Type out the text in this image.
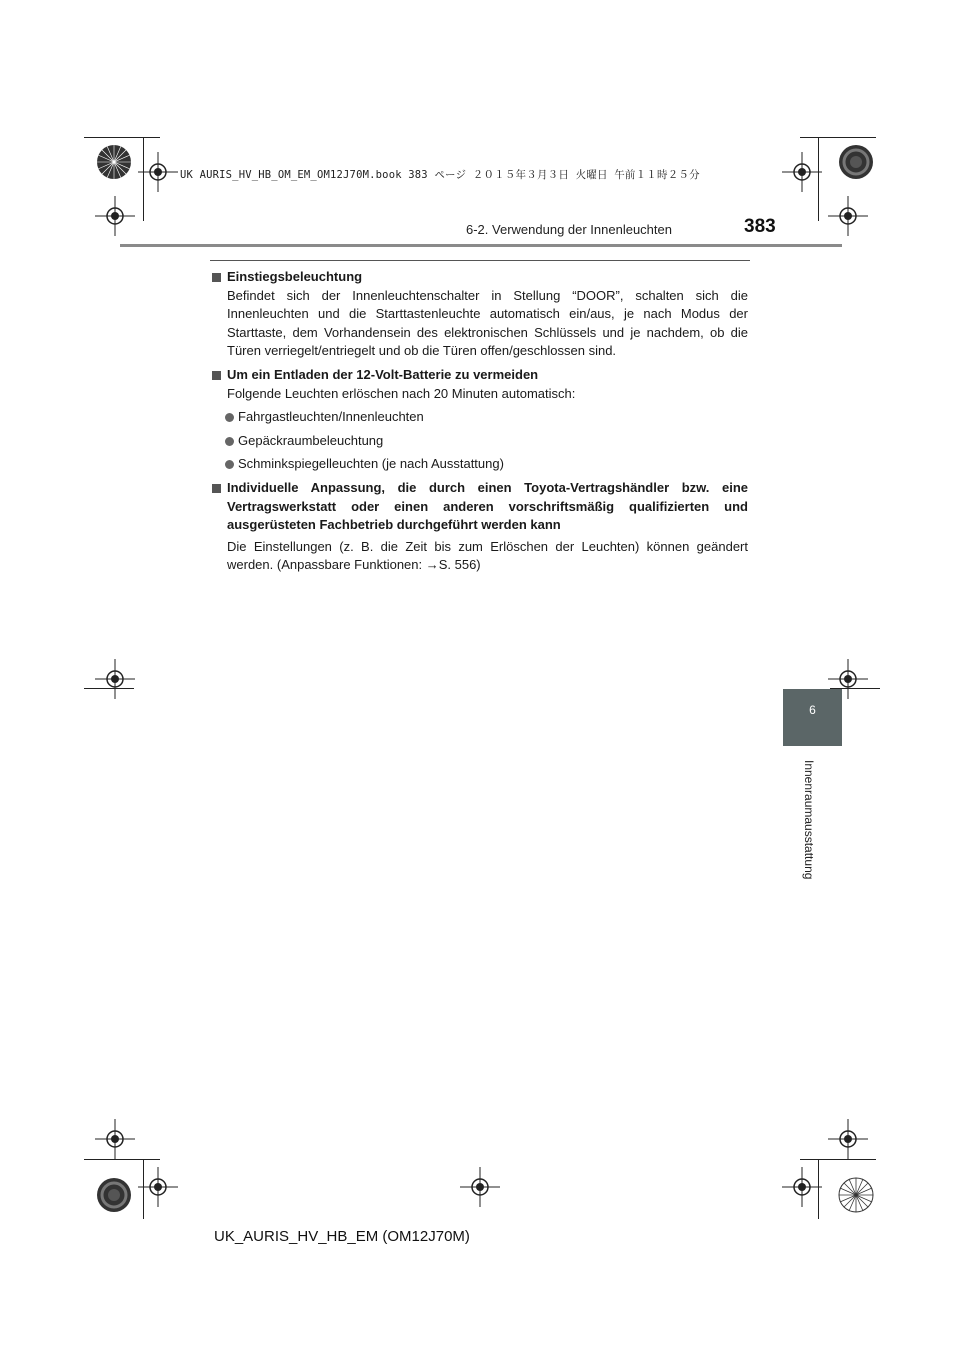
UK AURIS_HV_HB_OM_EM_OM12J70M.book 383 ページ ２０１５年３月３日 火曜日 午前１１時２５分
6-2. Verwendung der Innenleuchten	383
Einstiegsbeleuchtung
Befindet sich der Innenleuchtenschalter in Stellung “DOOR”, schalten sich die Innenleuchten und die Starttastenleuchte automatisch ein/aus, je nach Modus der Starttaste, dem Vorhandensein des elektronischen Schlüssels und je nachdem, ob die Türen verriegelt/entriegelt und ob die Türen offen/geschlossen sind.
Um ein Entladen der 12-Volt-Batterie zu vermeiden
Folgende Leuchten erlöschen nach 20 Minuten automatisch:
Fahrgastleuchten/Innenleuchten
Gepäckraumbeleuchtung
Schminkspiegelleuchten (je nach Ausstattung)
Individuelle Anpassung, die durch einen Toyota-Vertragshändler bzw. eine Vertragswerkstatt oder einen anderen vorschriftsmäßig qualifizierten und ausgerüsteten Fachbetrieb durchgeführt werden kann
Die Einstellungen (z. B. die Zeit bis zum Erlöschen der Leuchten) können geändert werden. (Anpassbare Funktionen: →S. 556)
6
Innenraumausstattung
UK_AURIS_HV_HB_EM (OM12J70M)
